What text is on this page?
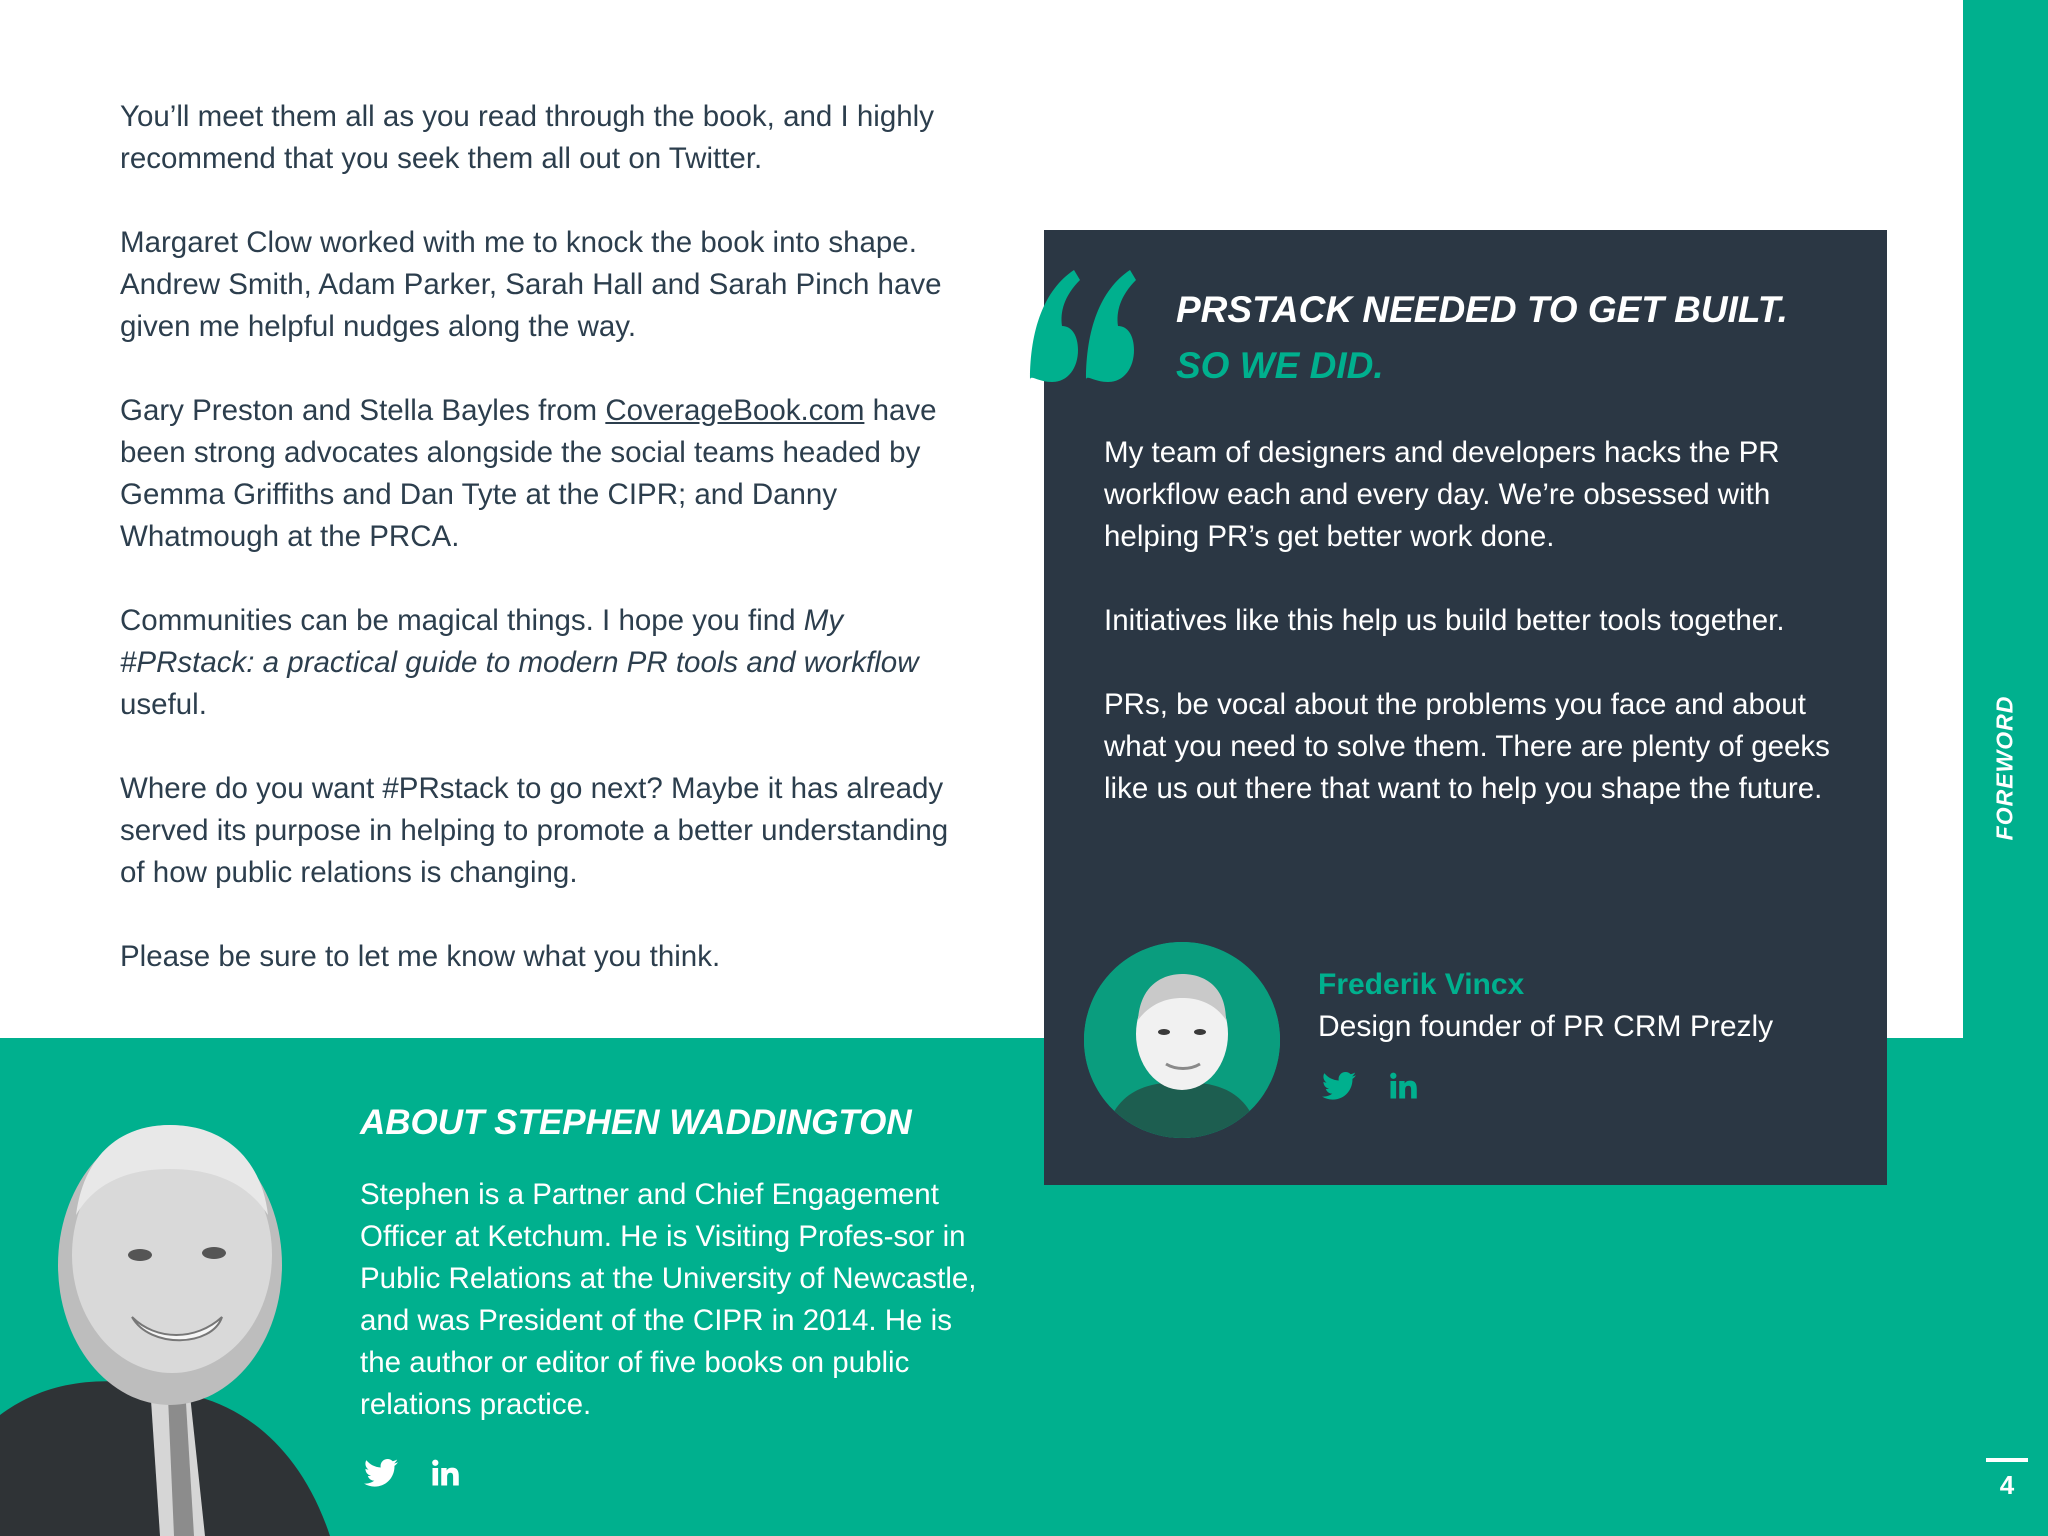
FOREWORD
4

You’ll meet them all as you read through the book, and I highly recommend that you seek them all out on Twitter.

Margaret Clow worked with me to knock the book into shape. Andrew Smith, Adam Parker, Sarah Hall and Sarah Pinch have given me helpful nudges along the way.

Gary Preston and Stella Bayles from CoverageBook.com have been strong advocates alongside the social teams headed by Gemma Griffiths and Dan Tyte at the CIPR; and Danny Whatmough at the PRCA.

Communities can be magical things. I hope you find My #PRstack: a practical guide to modern PR tools and workflow useful.

Where do you want #PRstack to go next? Maybe it has already served its purpose in helping to promote a better understanding of how public relations is changing.

Please be sure to let me know what you think.

PRSTACK NEEDED TO GET BUILT.
SO WE DID.

My team of designers and developers hacks the PR workflow each and every day. We’re obsessed with helping PR’s get better work done.

Initiatives like this help us build better tools together.

PRs, be vocal about the problems you face and about what you need to solve them. There are plenty of geeks like us out there that want to help you shape the future.

Frederik Vincx
Design founder of PR CRM Prezly
ABOUT STEPHEN WADDINGTON
Stephen is a Partner and Chief Engagement Officer at Ketchum. He is Visiting Profes-sor in Public Relations at the University of Newcastle, and was President of the CIPR in 2014. He is the author or editor of five books on public relations practice.
